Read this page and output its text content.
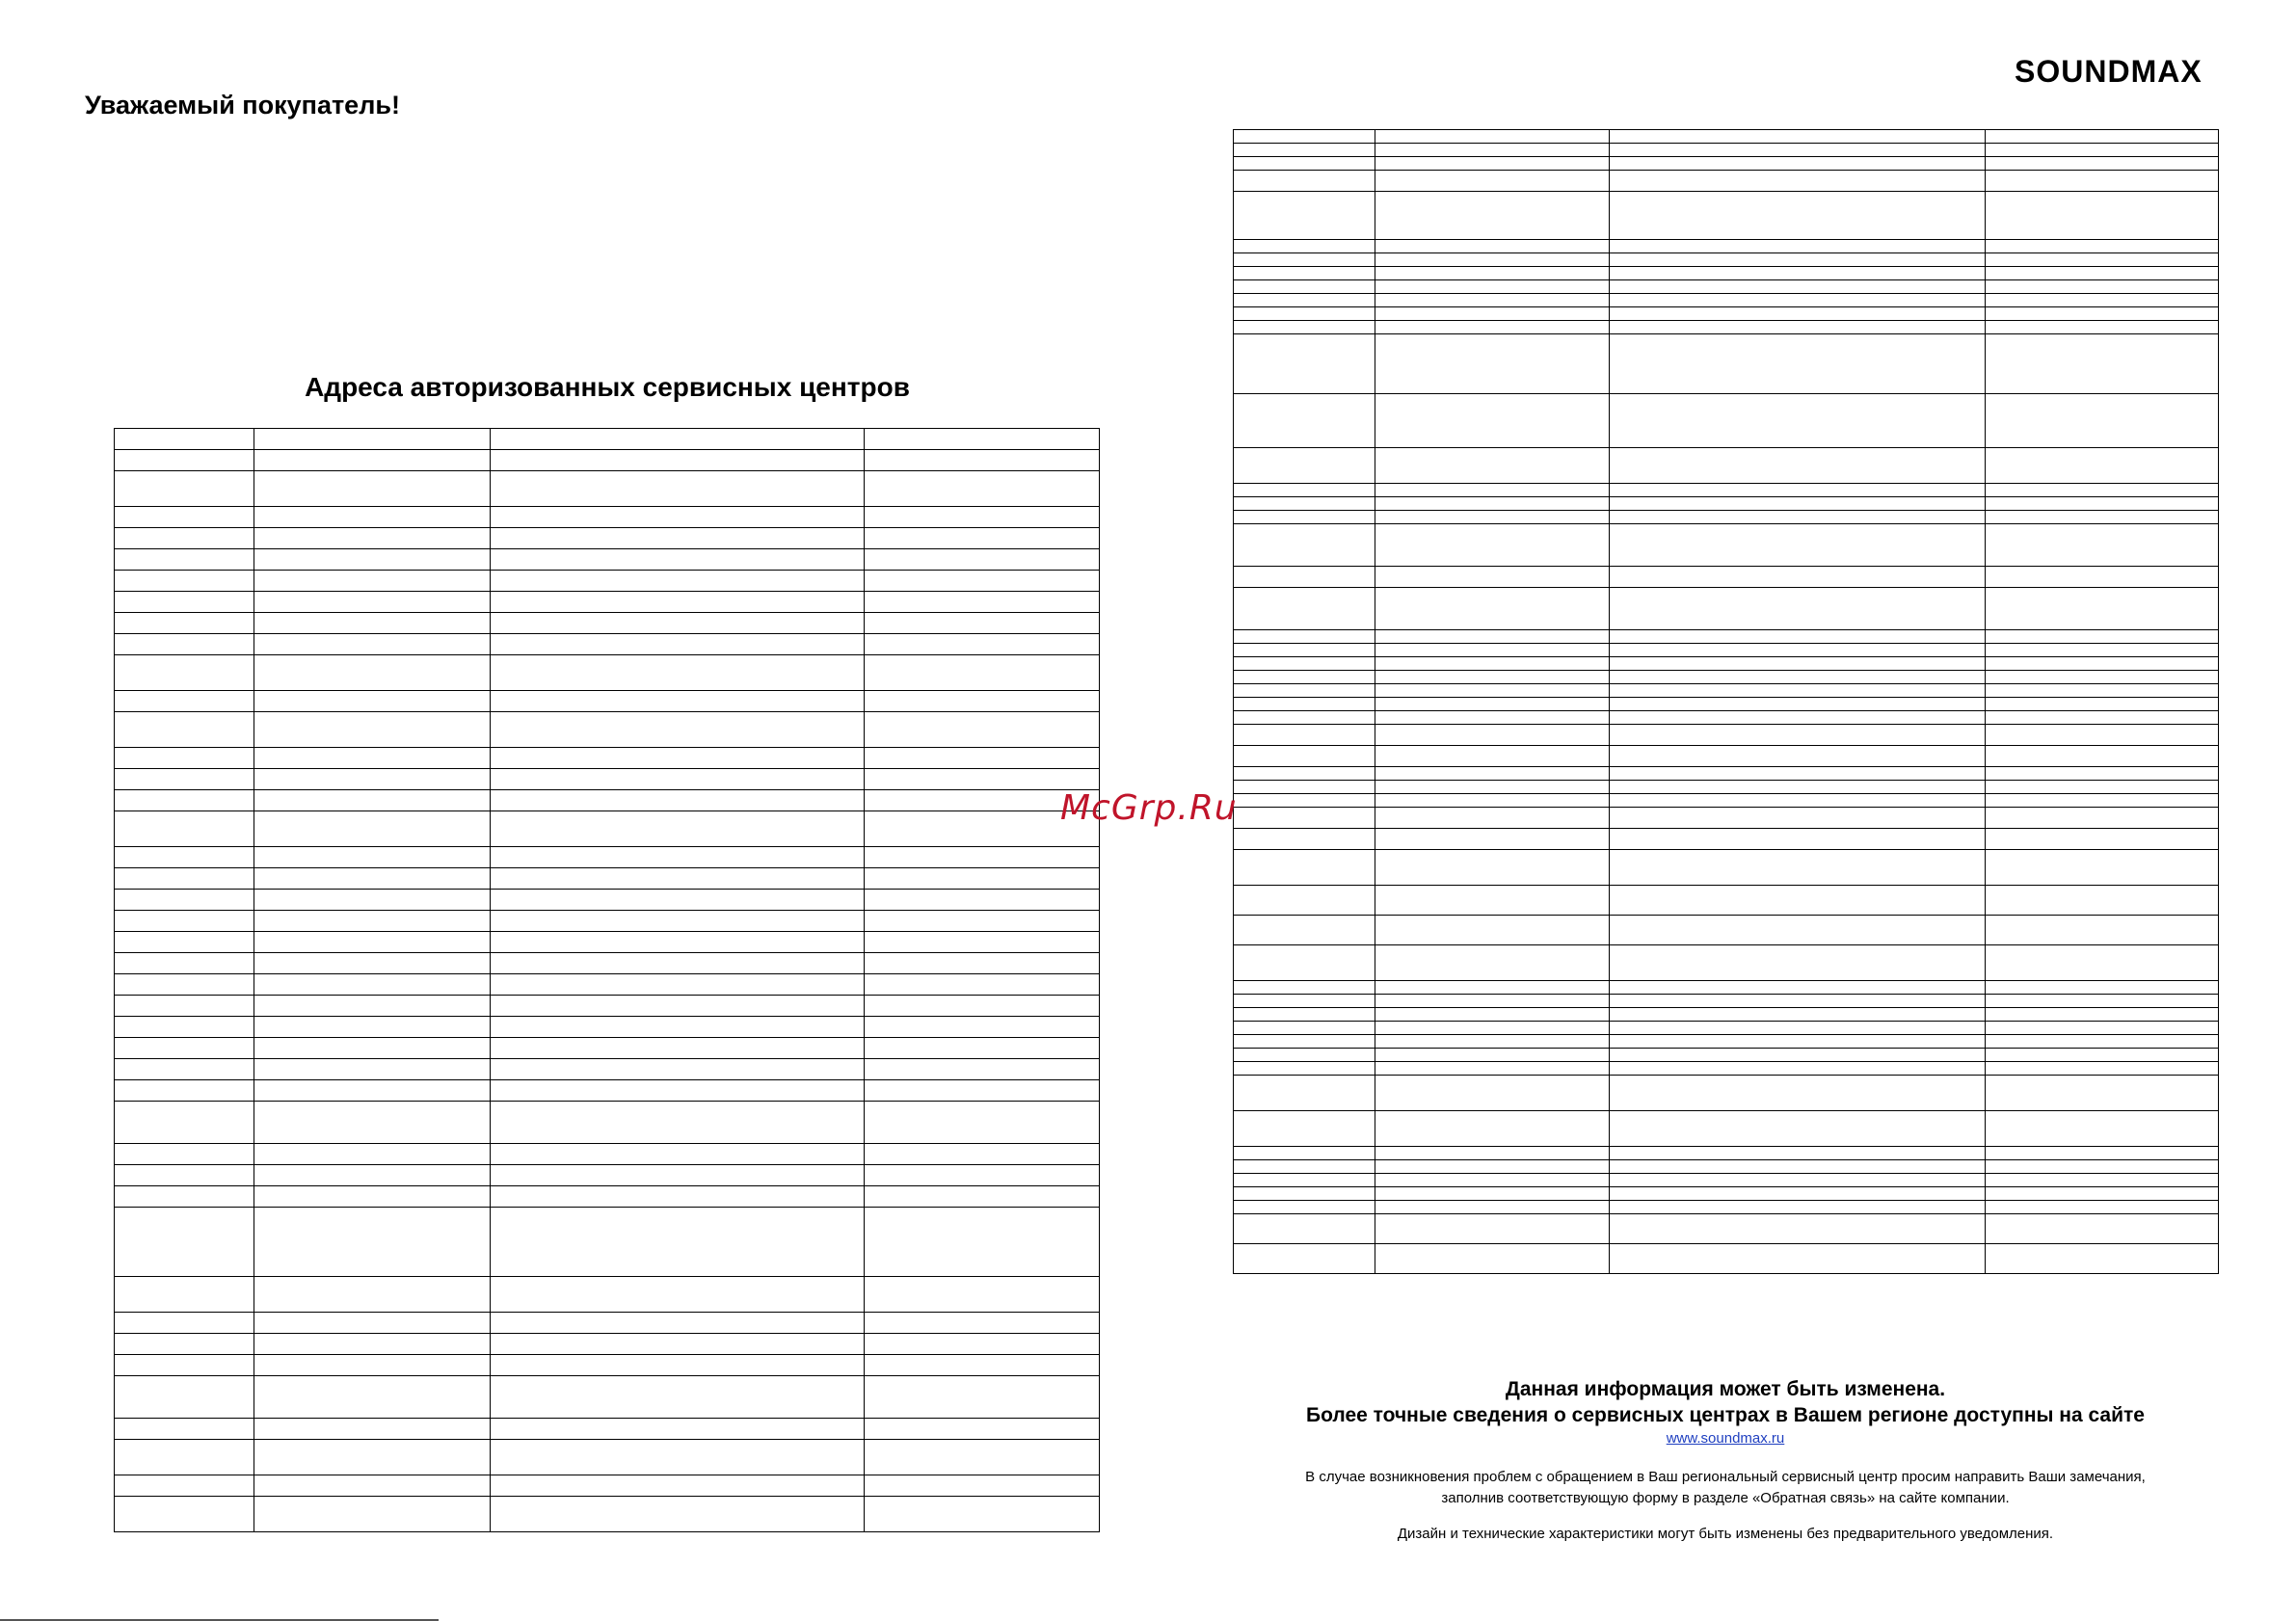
Уважаемый покупатель!
SOUNDMAX
Адреса авторизованных сервисных центров

McGrp.Ru
Данная информация может быть изменена.
Более точные сведения о сервисных центрах в Вашем регионе доступны на сайте
www.soundmax.ru
В случае возникновения проблем с обращением в Ваш региональный сервисный центр просим направить Ваши замечания,
заполнив соответствующую форму в разделе «Обратная связь» на сайте компании.
Дизайн и технические характеристики могут быть изменены без предварительного уведомления.
